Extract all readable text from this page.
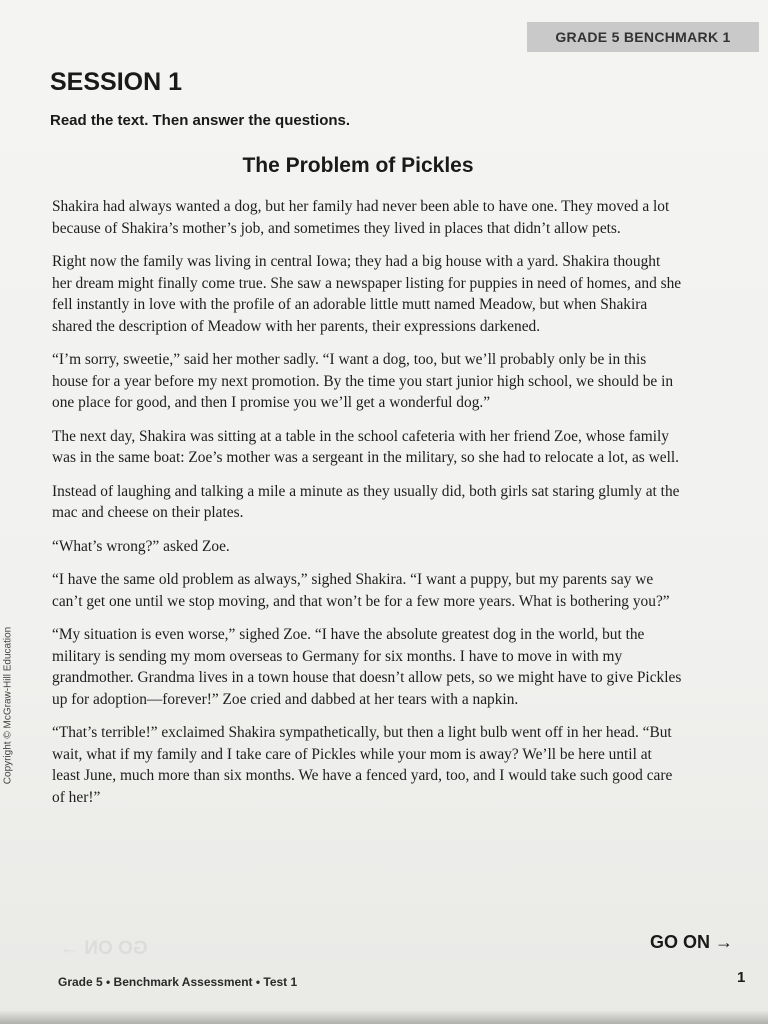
GRADE 5 BENCHMARK 1
SESSION 1
Read the text. Then answer the questions.
The Problem of Pickles

Shakira had always wanted a dog, but her family had never been able to have one. They moved a lot because of Shakira’s mother’s job, and sometimes they lived in places that didn’t allow pets.

Right now the family was living in central Iowa; they had a big house with a yard. Shakira thought her dream might finally come true. She saw a newspaper listing for puppies in need of homes, and she fell instantly in love with the profile of an adorable little mutt named Meadow, but when Shakira shared the description of Meadow with her parents, their expressions darkened.

“I’m sorry, sweetie,” said her mother sadly. “I want a dog, too, but we’ll probably only be in this house for a year before my next promotion. By the time you start junior high school, we should be in one place for good, and then I promise you we’ll get a wonderful dog.”

The next day, Shakira was sitting at a table in the school cafeteria with her friend Zoe, whose family was in the same boat: Zoe’s mother was a sergeant in the military, so she had to relocate a lot, as well.

Instead of laughing and talking a mile a minute as they usually did, both girls sat staring glumly at the mac and cheese on their plates.

“What’s wrong?” asked Zoe.

“I have the same old problem as always,” sighed Shakira. “I want a puppy, but my parents say we can’t get one until we stop moving, and that won’t be for a few more years. What is bothering you?”

“My situation is even worse,” sighed Zoe. “I have the absolute greatest dog in the world, but the military is sending my mom overseas to Germany for six months. I have to move in with my grandmother. Grandma lives in a town house that doesn’t allow pets, so we might have to give Pickles up for adoption—forever!” Zoe cried and dabbed at her tears with a napkin.

“That’s terrible!” exclaimed Shakira sympathetically, but then a light bulb went off in her head. “But wait, what if my family and I take care of Pickles while your mom is away? We’ll be here until at least June, much more than six months. We have a fenced yard, too, and I would take such good care of her!”

Copyright © McGraw-Hill Education
GO ON →	GO ON →
Grade 5 • Benchmark Assessment • Test 1	1
